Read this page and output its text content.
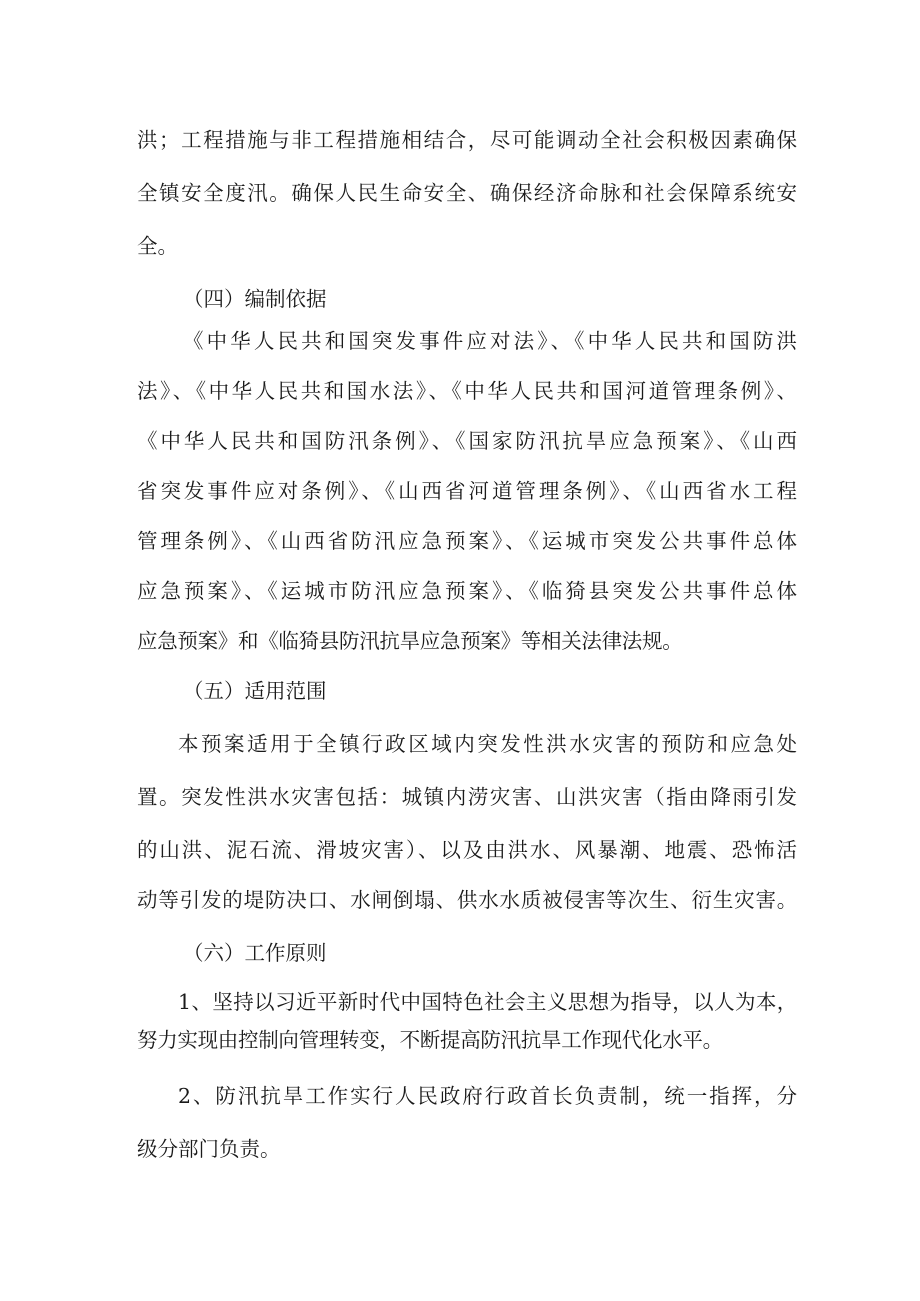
洪；工程措施与非工程措施相结合，尽可能调动全社会积极因素确保
全镇安全度汛。确保人民生命安全、确保经济命脉和社会保障系统安
全。
（四）编制依据
《中华人民共和国突发事件应对法》、《中华人民共和国防洪
法》、《中华人民共和国水法》、《中华人民共和国河道管理条例》、
《中华人民共和国防汛条例》、《国家防汛抗旱应急预案》、《山西
省突发事件应对条例》、《山西省河道管理条例》、《山西省水工程
管理条例》、《山西省防汛应急预案》、《运城市突发公共事件总体
应急预案》、《运城市防汛应急预案》、《临猗县突发公共事件总体
应急预案》和《临猗县防汛抗旱应急预案》等相关法律法规。
（五）适用范围
本预案适用于全镇行政区域内突发性洪水灾害的预防和应急处
置。突发性洪水灾害包括：城镇内涝灾害、山洪灾害（指由降雨引发
的山洪、泥石流、滑坡灾害）、以及由洪水、风暴潮、地震、恐怖活
动等引发的堤防决口、水闸倒塌、供水水质被侵害等次生、衍生灾害。
（六）工作原则
1、坚持以习近平新时代中国特色社会主义思想为指导，以人为本，
努力实现由控制向管理转变，不断提高防汛抗旱工作现代化水平。
2、防汛抗旱工作实行人民政府行政首长负责制，统一指挥，分
级分部门负责。
